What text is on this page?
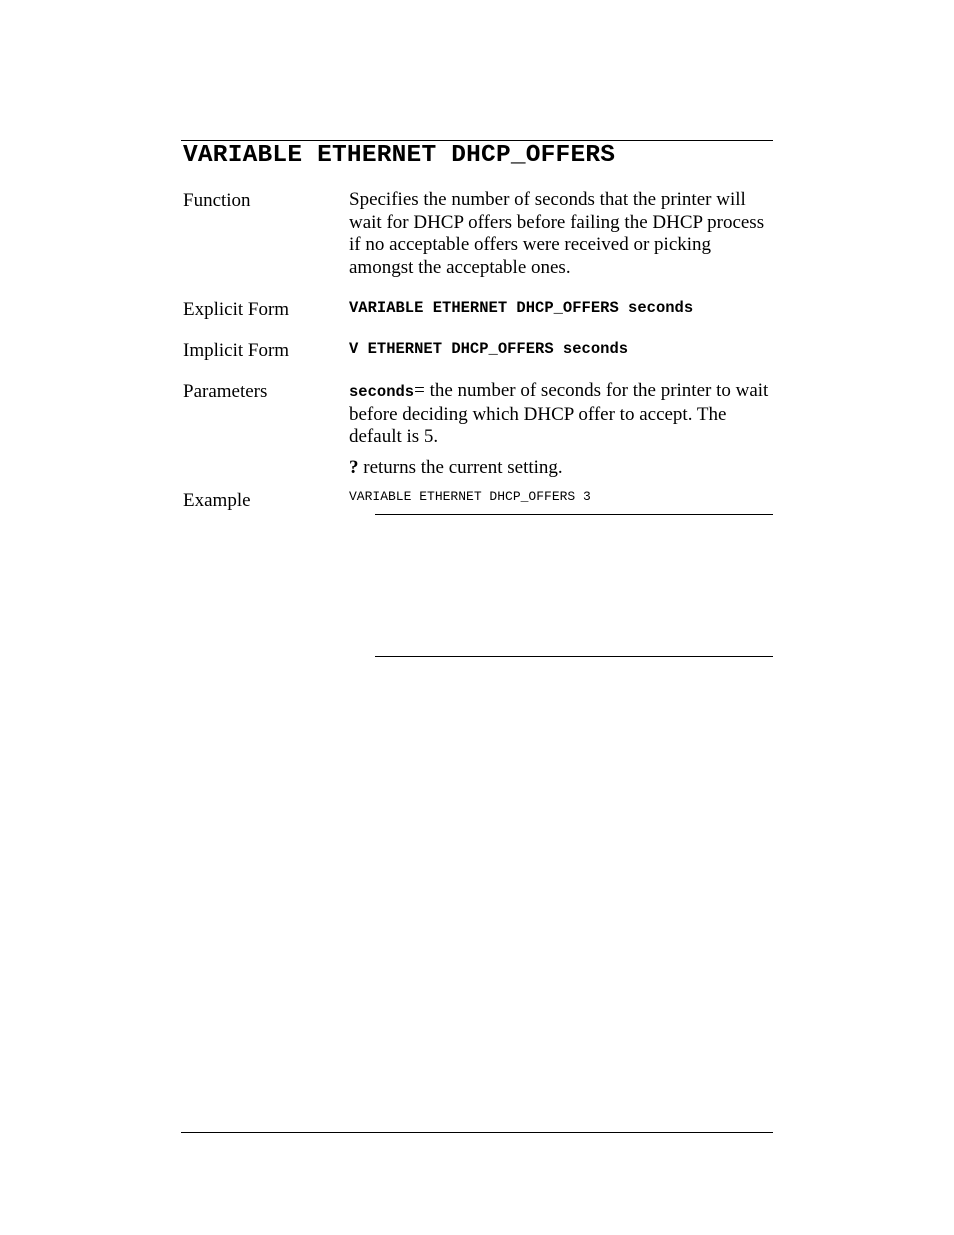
VARIABLE ETHERNET DHCP_OFFERS
Function	Specifies the number of seconds that the printer will wait for DHCP offers before failing the DHCP process if no acceptable offers were received or picking amongst the acceptable ones.

Explicit Form	VARIABLE ETHERNET DHCP_OFFERS seconds
Implicit Form	V ETHERNET DHCP_OFFERS seconds
Parameters	seconds= the number of seconds for the printer to wait before deciding which DHCP offer to accept. The default is 5.

? returns the current setting.

Example	VARIABLE ETHERNET DHCP_OFFERS 3
